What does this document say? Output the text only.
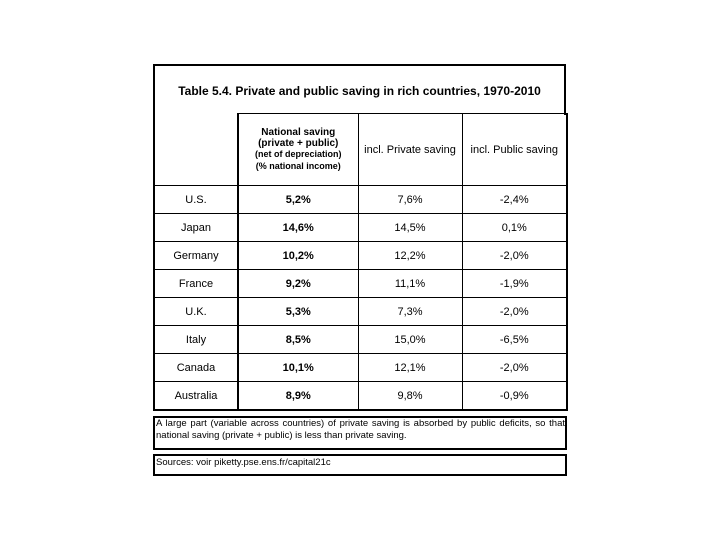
Table 5.4. Private and public saving in rich countries, 1970-2010

	National saving
(private + public)
(net of depreciation)
(% national income)	incl. Private saving	incl. Public saving
U.S.	5,2%	7,6%	-2,4%
Japan	14,6%	14,5%	0,1%
Germany	10,2%	12,2%	-2,0%
France	9,2%	11,1%	-1,9%
U.K.	5,3%	7,3%	-2,0%
Italy	8,5%	15,0%	-6,5%
Canada	10,1%	12,1%	-2,0%
Australia	8,9%	9,8%	-0,9%
A large part (variable across countries) of private saving is absorbed by public deficits, so that national saving (private + public) is less than private saving.
Sources: voir piketty.pse.ens.fr/capital21c
